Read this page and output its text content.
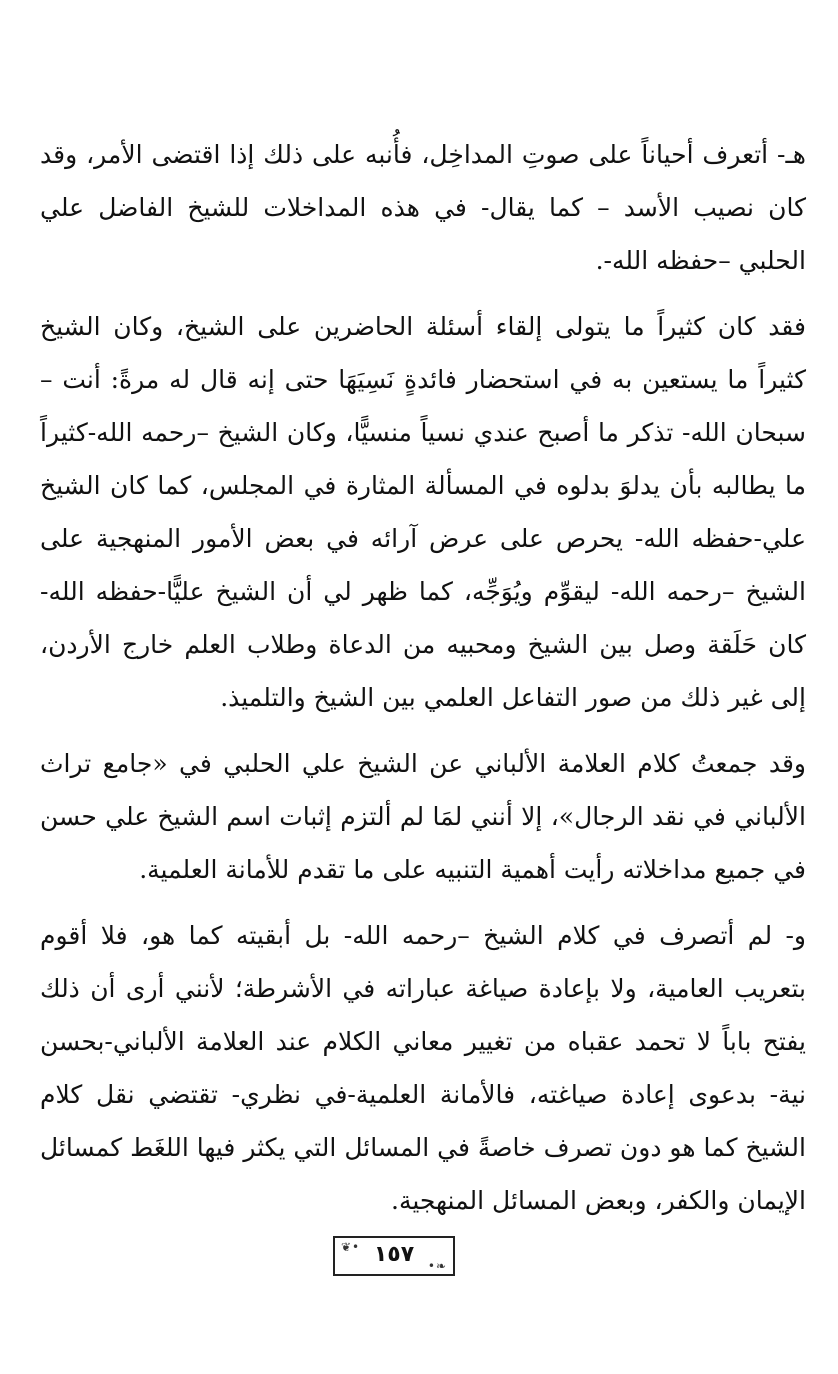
هـ- أتعرف أحياناً على صوتِ المداخِل، فأُنبه على ذلك إذا اقتضى الأمر، وقد كان نصيب الأسد – كما يقال- في هذه المداخلات للشيخ الفاضل علي الحلبي –حفظه الله-.

فقد كان كثيراً ما يتولى إلقاء أسئلة الحاضرين على الشيخ، وكان الشيخ كثيراً ما يستعين به في استحضار فائدةٍ نَسِيَهَا حتى إنه قال له مرةً: أنت –سبحان الله- تذكر ما أصبح عندي نسياً منسيًّا، وكان الشيخ –رحمه الله-كثيراً ما يطالبه بأن يدلوَ بدلوه في المسألة المثارة في المجلس، كما كان الشيخ علي-حفظه الله- يحرص على عرض آرائه في بعض الأمور المنهجية على الشيخ –رحمه الله- ليقوِّم ويُوَجِّه، كما ظهر لي أن الشيخ عليًّا-حفظه الله- كان حَلَقة وصل بين الشيخ ومحبيه من الدعاة وطلاب العلم خارج الأردن، إلى غير ذلك من صور التفاعل العلمي بين الشيخ والتلميذ.

وقد جمعتُ كلام العلامة الألباني عن الشيخ علي الحلبي في «جامع تراث الألباني في نقد الرجال»، إلا أنني لمَا لم ألتزم إثبات اسم الشيخ علي حسن في جميع مداخلاته رأيت أهمية التنبيه على ما تقدم للأمانة العلمية.

و- لم أتصرف في كلام الشيخ –رحمه الله- بل أبقيته كما هو، فلا أقوم بتعريب العامية، ولا بإعادة صياغة عباراته في الأشرطة؛ لأنني أرى أن ذلك يفتح باباً لا تحمد عقباه من تغيير معاني الكلام عند العلامة الألباني-بحسن نية- بدعوى إعادة صياغته، فالأمانة العلمية-في نظري- تقتضي نقل كلام الشيخ كما هو دون تصرف خاصةً في المسائل التي يكثر فيها اللغَط كمسائل الإيمان والكفر، وبعض المسائل المنهجية.

❦•
•❧
١٥٧
